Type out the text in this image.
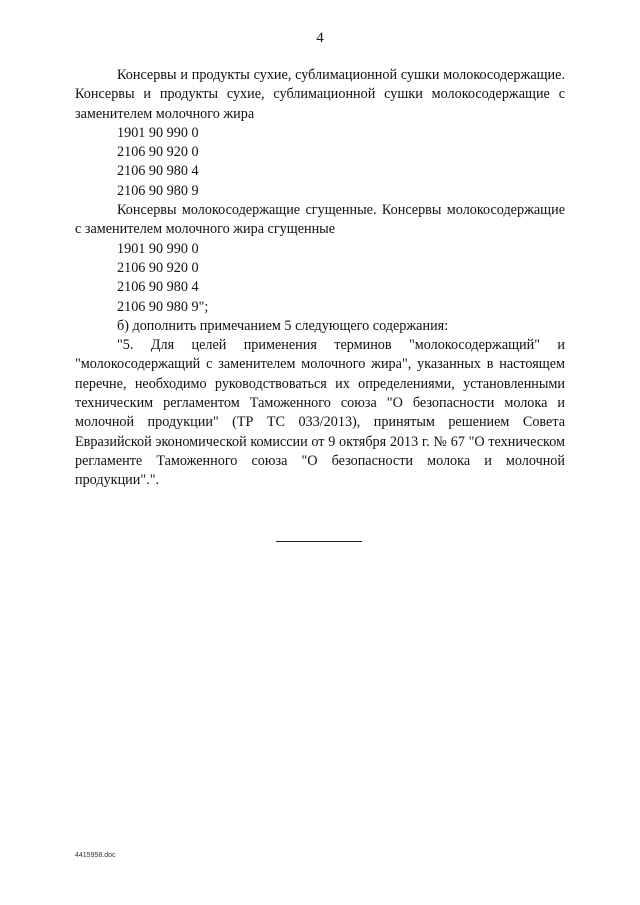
4

Консервы и продукты сухие, сублимационной сушки молокосодержащие. Консервы и продукты сухие, сублимационной сушки молокосодержащие с заменителем молочного жира

1901 90 990 0

2106 90 920 0

2106 90 980 4

2106 90 980 9

Консервы молокосодержащие сгущенные. Консервы молокосодержащие с заменителем молочного жира сгущенные

1901 90 990 0

2106 90 920 0

2106 90 980 4

2106 90 980 9";

б) дополнить примечанием 5 следующего содержания:

"5. Для целей применения терминов "молокосодержащий" и "молокосодержащий с заменителем молочного жира", указанных в настоящем перечне, необходимо руководствоваться их определениями, установленными техническим регламентом Таможенного союза "О безопасности молока и молочной продукции" (ТР ТС 033/2013), принятым решением Совета Евразийской экономической комиссии от 9 октября 2013 г. № 67 "О техническом регламенте Таможенного союза "О безопасности молока и молочной продукции".".

4415958.doc
